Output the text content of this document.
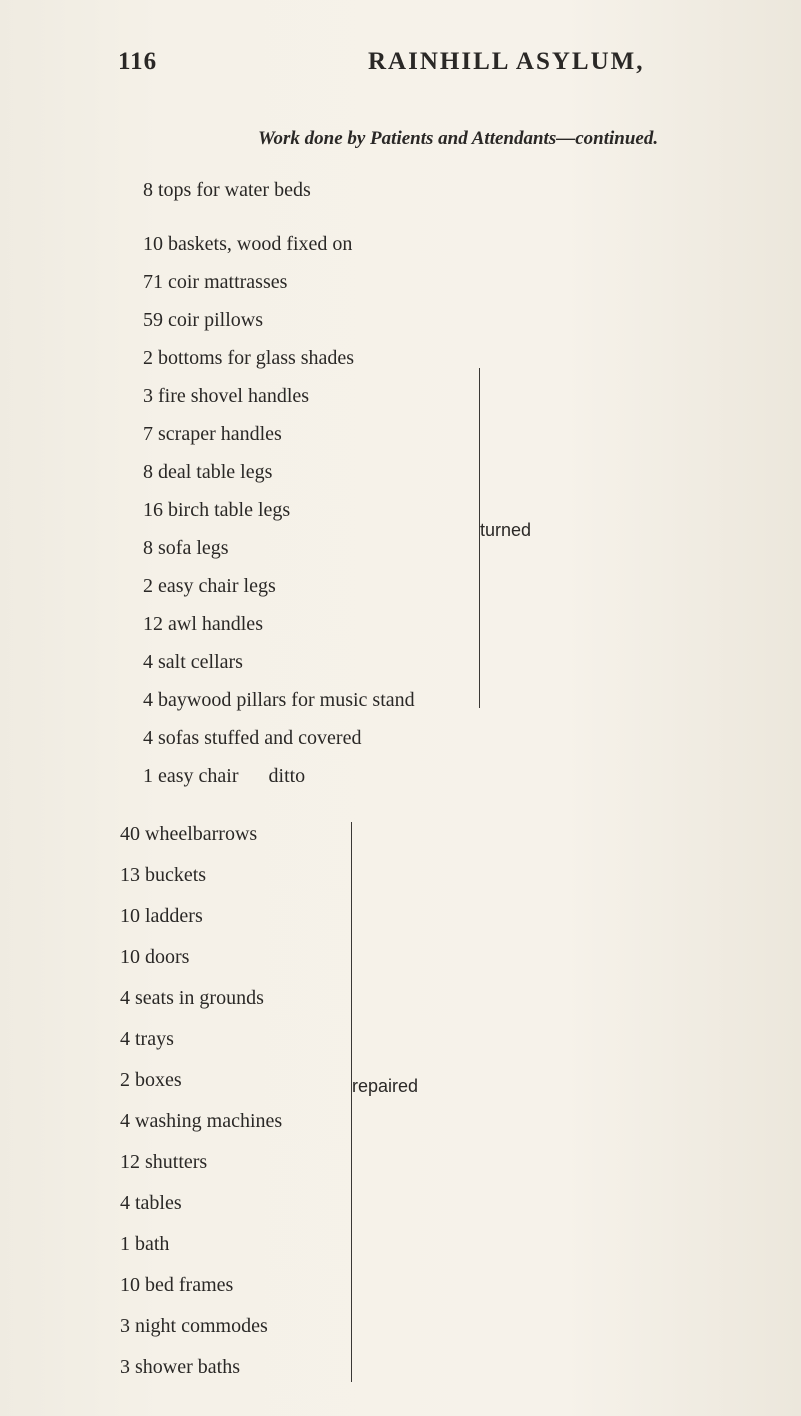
116	RAINHILL ASYLUM,
Work done by Patients and Attendants—continued.
8 tops for water beds
10 baskets, wood fixed on
71 coir mattrasses
59 coir pillows
2 bottoms for glass shades
3 fire shovel handles
7 scraper handles
8 deal table legs
16 birch table legs
8 sofa legs
2 easy chair legs
12 awl handles
4 salt cellars
4 baywood pillars for music stand
4 sofas stuffed and covered
1 easy chair      ditto
turned
40 wheelbarrows
13 buckets
10 ladders
10 doors
4 seats in grounds
4 trays
2 boxes
4 washing machines
12 shutters
4 tables
1 bath
10 bed frames
3 night commodes
3 shower baths
repaired
